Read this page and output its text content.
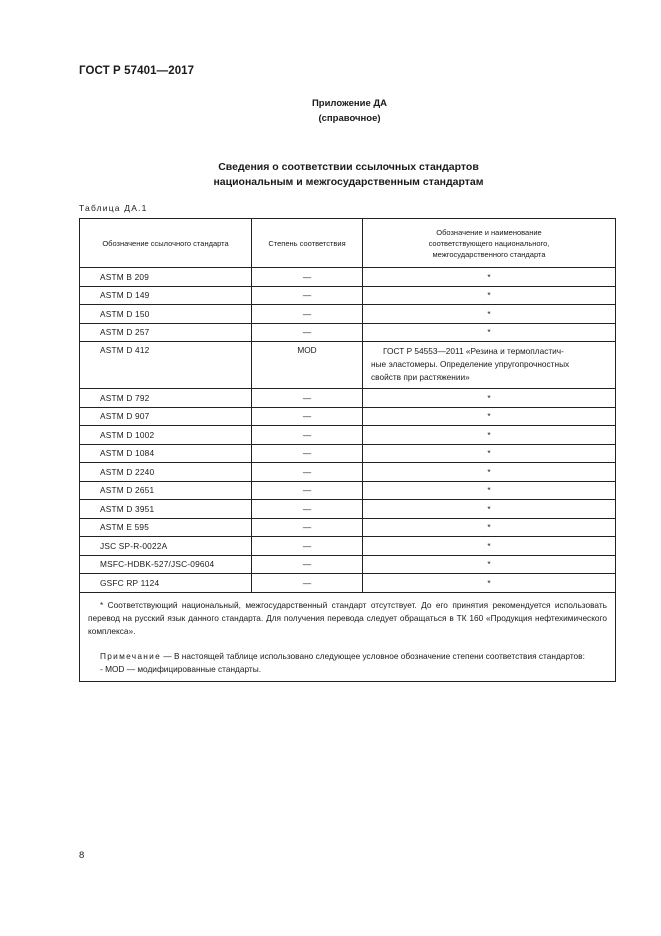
ГОСТ Р 57401—2017
Приложение ДА
(справочное)
Сведения о соответствии ссылочных стандартов
национальным и межгосударственным стандартам
Таблица ДА.1
Обозначение ссылочного стандарта	Степень соответствия	Обозначение и наименование
соответствующего национального,
межгосударственного стандарта

ASTM B 209	—	*
ASTM D 149	—	*
ASTM D 150	—	*
ASTM D 257	—	*
ASTM D 412	MOD	ГОСТ Р 54553—2011 «Резина и термопластич-
ные эластомеры. Определение упругопрочностных
свойств при растяжении»

ASTM D 792	—	*
ASTM D 907	—	*
ASTM D 1002	—	*
ASTM D 1084	—	*
ASTM D 2240	—	*
ASTM D 2651	—	*
ASTM D 3951	—	*
ASTM E 595	—	*
JSC SP-R-0022A	—	*
MSFC-HDBK-527/JSC-09604	—	*
GSFC RP 1124	—	*

* Соответствующий национальный, межгосударственный стандарт отсутствует. До его принятия рекомендуется использовать перевод на русский язык данного стандарта. Для получения перевода следует обращаться в ТК 160 «Продукция нефтехимического комплекса».

Примечание — В настоящей таблице использовано следующее условное обозначение степени соответствия стандартов:

- MOD — модифицированные стандарты.		

8
